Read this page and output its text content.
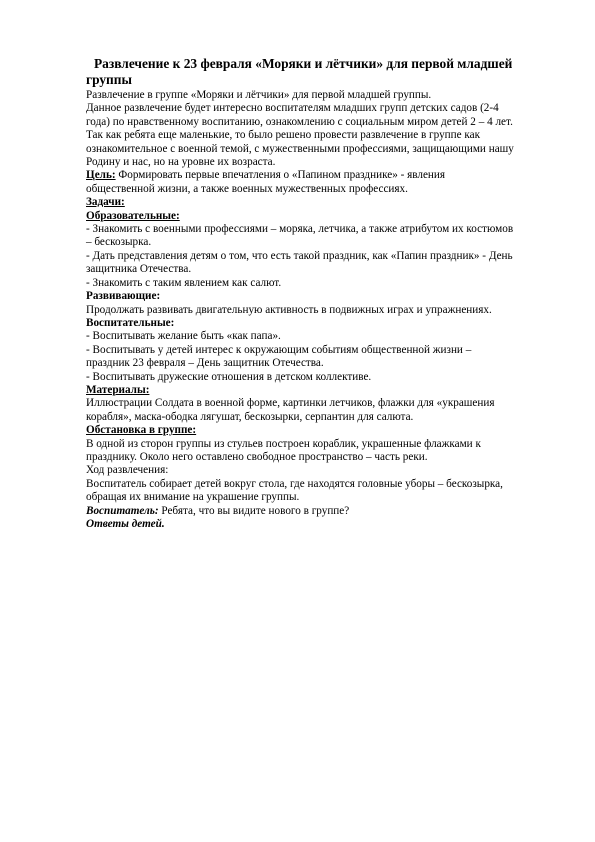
Развлечение к 23 февраля «Моряки и лётчики» для первой младшей группы

Развлечение в группе «Моряки и лётчики» для первой младшей группы.

Данное развлечение будет интересно воспитателям младших групп детских садов (2-4 года) по нравственному воспитанию, ознакомлению с социальным миром детей 2 – 4 лет. Так как ребята еще маленькие, то было решено провести развлечение в группе как ознакомительное с военной темой, с мужественными профессиями, защищающими нашу Родину и нас, но на уровне их возраста.

Цель: Формировать первые впечатления о «Папином празднике» - явления общественной жизни, а также военных мужественных профессиях.

Задачи:

Образовательные:

- Знакомить с военными профессиями – моряка, летчика, а также атрибутом их костюмов – бескозырка.

- Дать представления детям о том, что есть такой праздник, как «Папин праздник» - День защитника Отечества.

- Знакомить с таким явлением как салют.

Развивающие:

Продолжать развивать двигательную активность в подвижных играх и упражнениях.

Воспитательные:

- Воспитывать желание быть «как папа».

- Воспитывать у детей интерес к окружающим событиям общественной жизни – праздник 23 февраля – День защитник Отечества.

- Воспитывать дружеские отношения в детском коллективе.

Материалы:

Иллюстрации Солдата в военной форме, картинки летчиков, флажки для «украшения корабля», маска-ободка лягушат, бескозырки, серпантин для салюта.

Обстановка в группе:

В одной из сторон группы из стульев построен кораблик, украшенные флажками к празднику. Около него оставлено свободное пространство – часть реки.

Ход развлечения:

Воспитатель собирает детей вокруг стола, где находятся головные уборы – бескозырка, обращая их внимание на украшение группы.

Воспитатель: Ребята, что вы видите нового в группе?

Ответы детей.
